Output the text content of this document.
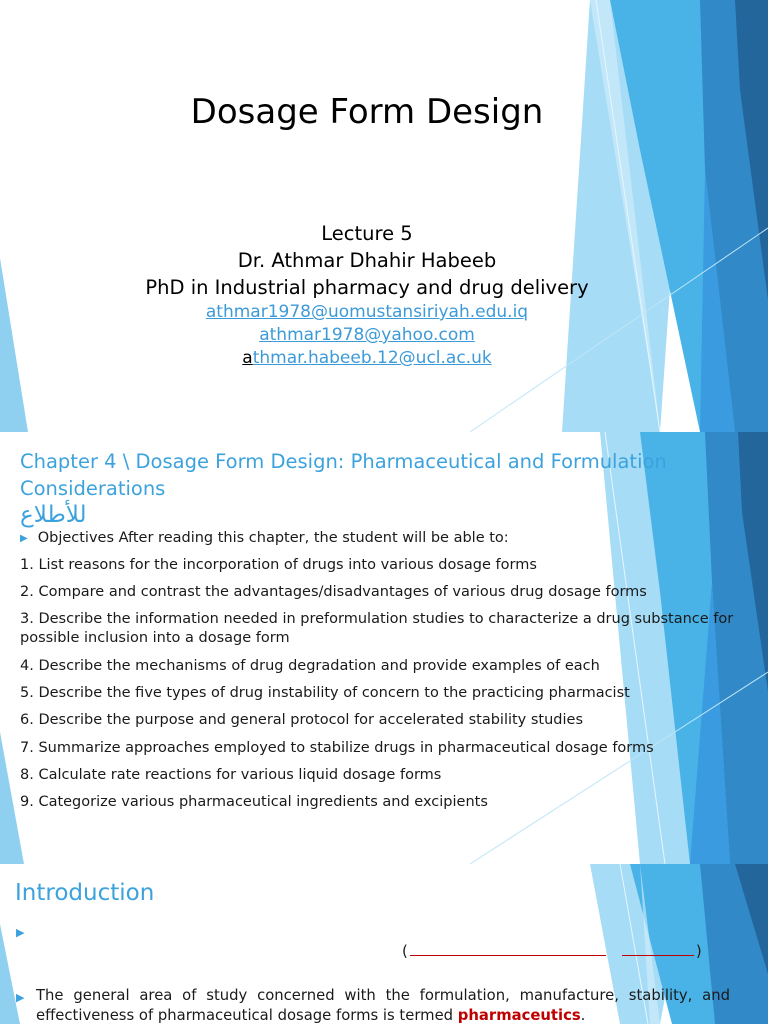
Dosage Form Design
Lecture 5
Dr. Athmar Dhahir Habeeb
PhD in Industrial pharmacy and drug delivery
athmar1978@uomustansiriyah.edu.iq
athmar1978@yahoo.com
athmar.habeeb.12@ucl.ac.uk
Chapter 4 \ Dosage Form Design: Pharmaceutical and Formulation
Considerations
للأطلاع
▶ Objectives After reading this chapter, the student will be able to:
1. List reasons for the incorporation of drugs into various dosage forms
2. Compare and contrast the advantages/disadvantages of various drug dosage forms
3. Describe the information needed in preformulation studies to characterize a drug substance for
possible inclusion into a dosage form
4. Describe the mechanisms of drug degradation and provide examples of each
5. Describe the five types of drug instability of concern to the practicing pharmacist
6. Describe the purpose and general protocol for accelerated stability studies
7. Summarize approaches employed to stabilize drugs in pharmaceutical dosage forms
8. Calculate rate reactions for various liquid dosage forms
9. Categorize various pharmaceutical ingredients and excipients
Introduction
▶
(	)
▶ The general area of study concerned with the formulation, manufacture, stability, and effectiveness of pharmaceutical dosage forms is termed pharmaceutics.
